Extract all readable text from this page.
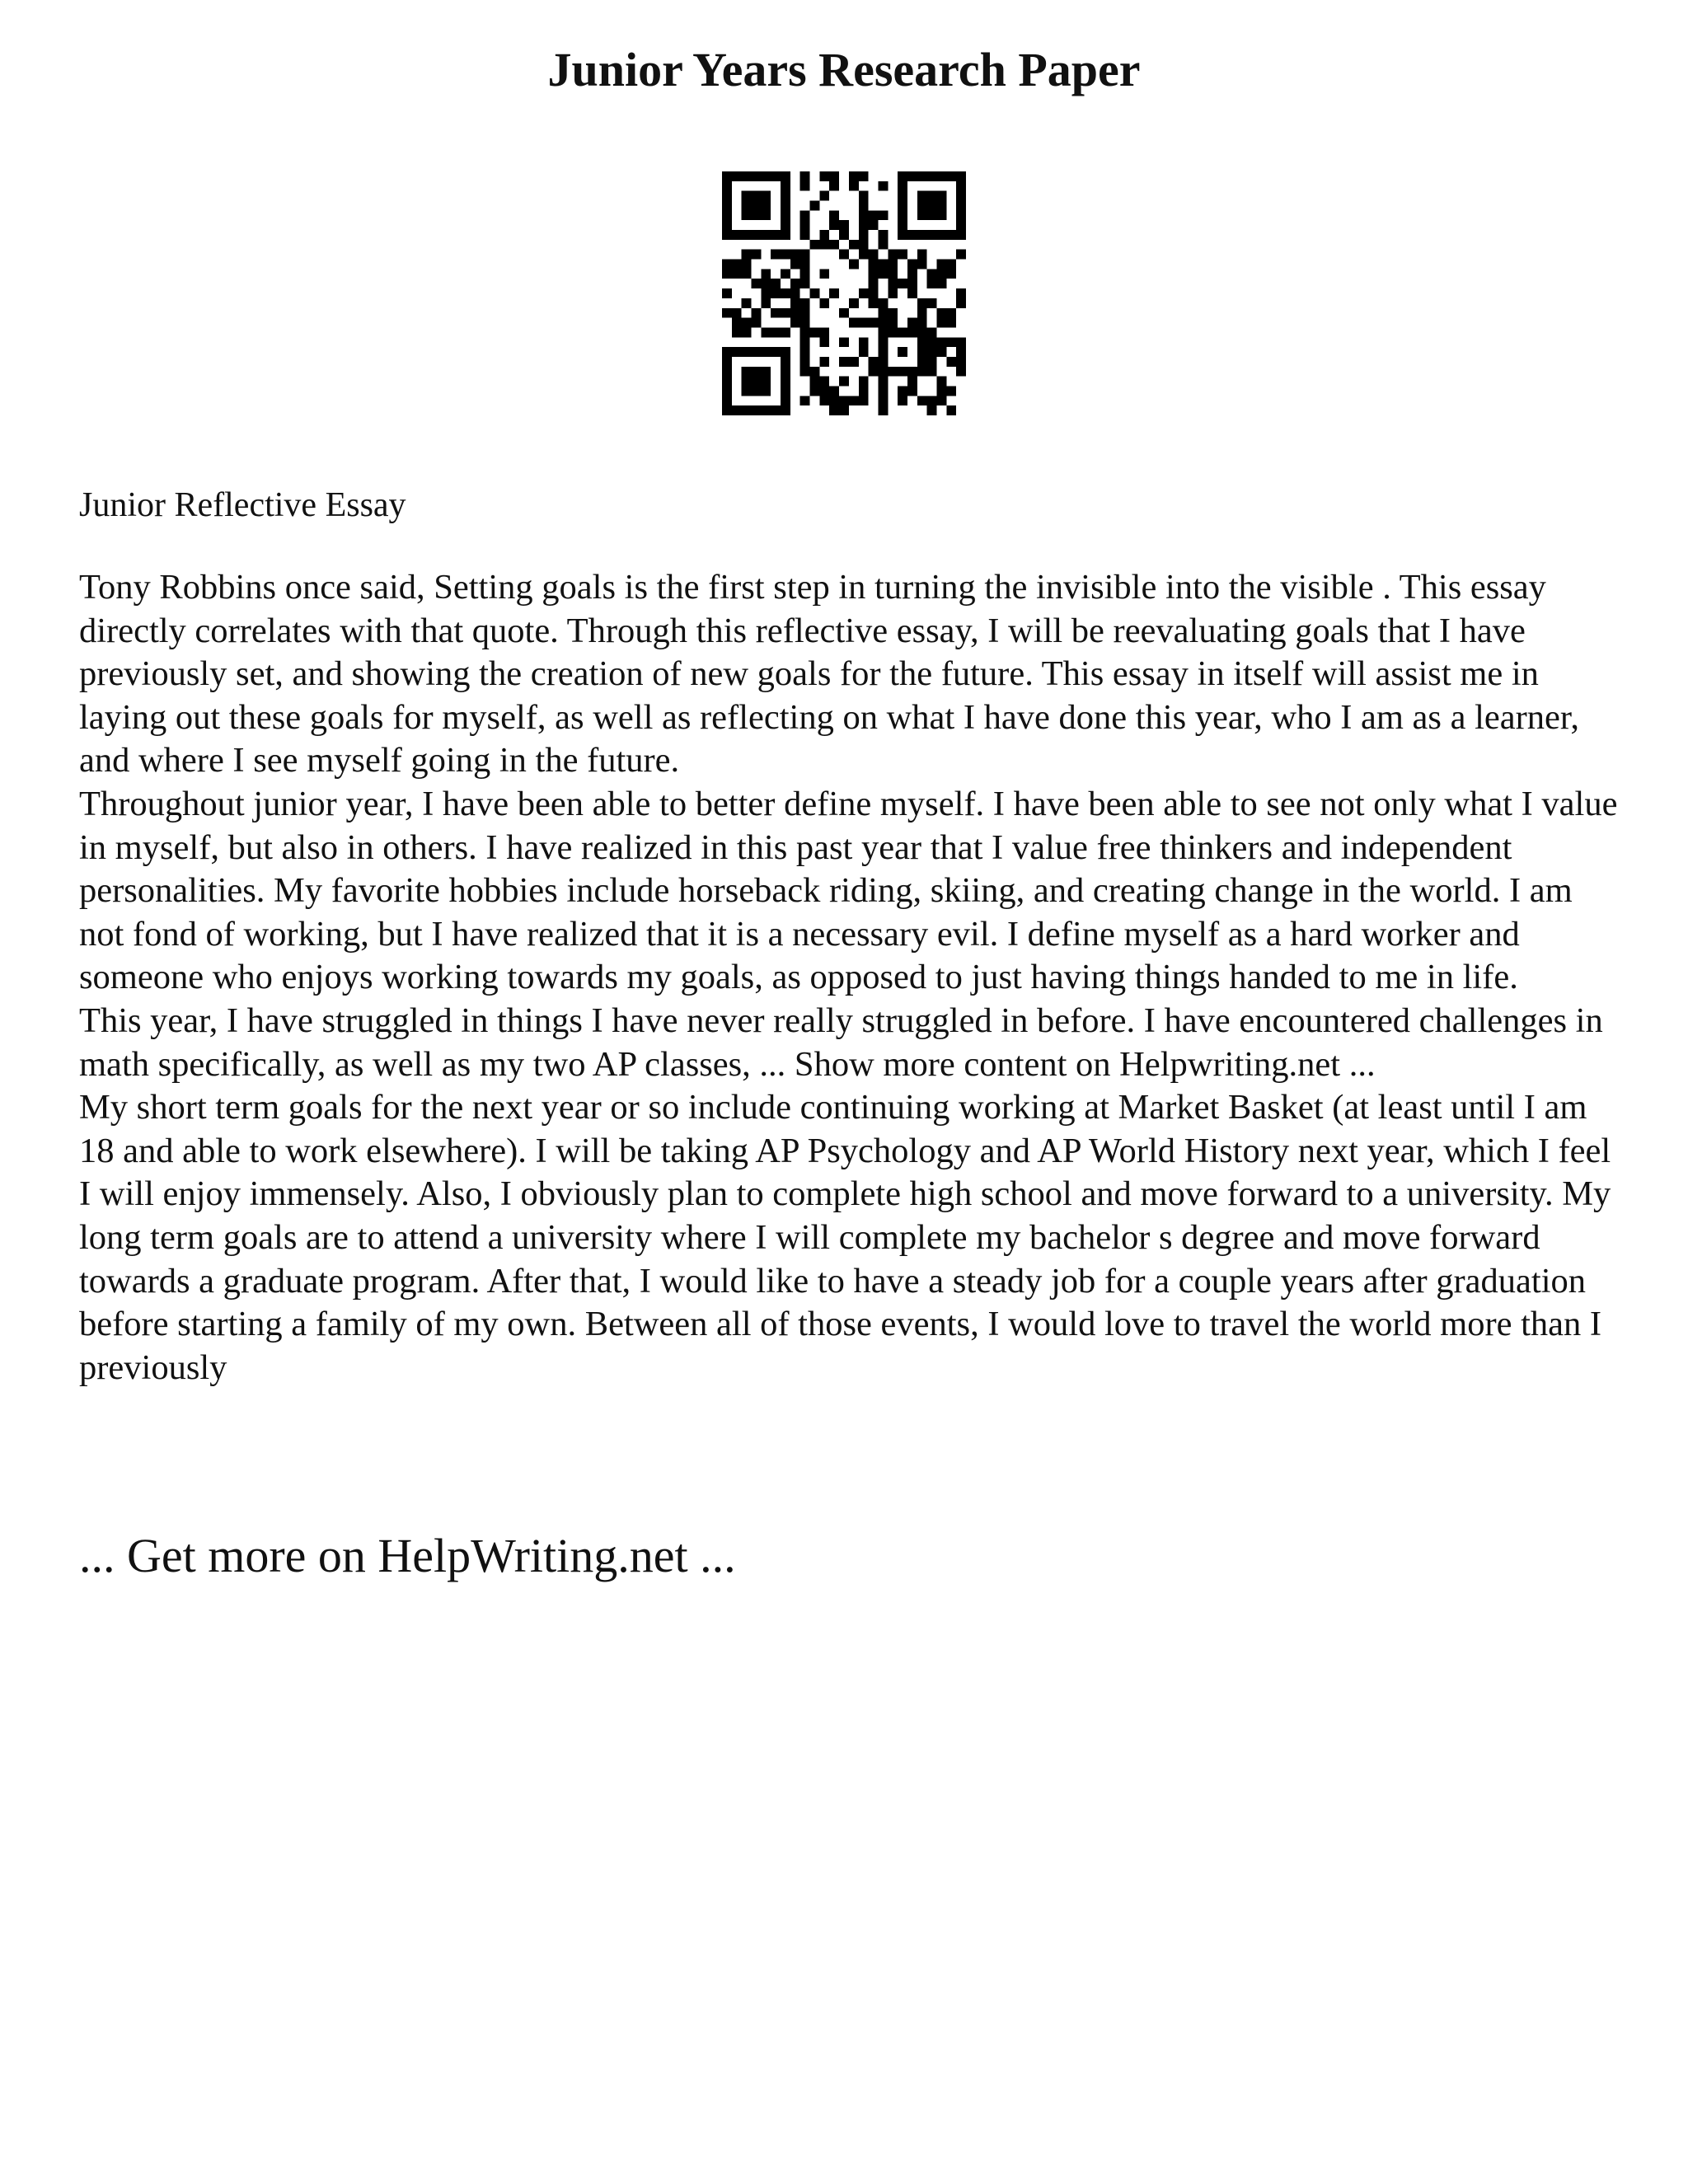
Junior Years Research Paper
Junior Reflective Essay

Tony Robbins once said, Setting goals is the first step in turning the invisible into the visible . This essay directly correlates with that quote. Through this reflective essay, I will be reevaluating goals that I have previously set, and showing the creation of new goals for the future. This essay in itself will assist me in laying out these goals for myself, as well as reflecting on what I have done this year, who I am as a learner, and where I see myself going in the future.

Throughout junior year, I have been able to better define myself. I have been able to see not only what I value in myself, but also in others. I have realized in this past year that I value free thinkers and independent personalities. My favorite hobbies include horseback riding, skiing, and creating change in the world. I am not fond of working, but I have realized that it is a necessary evil. I define myself as a hard worker and someone who enjoys working towards my goals, as opposed to just having things handed to me in life.

This year, I have struggled in things I have never really struggled in before. I have encountered challenges in math specifically, as well as my two AP classes, ... Show more content on Helpwriting.net ...

My short term goals for the next year or so include continuing working at Market Basket (at least until I am 18 and able to work elsewhere). I will be taking AP Psychology and AP World History next year, which I feel I will enjoy immensely. Also, I obviously plan to complete high school and move forward to a university. My long term goals are to attend a university where I will complete my bachelor s degree and move forward towards a graduate program. After that, I would like to have a steady job for a couple years after graduation before starting a family of my own. Between all of those events, I would love to travel the world more than I previously

... Get more on HelpWriting.net ...
